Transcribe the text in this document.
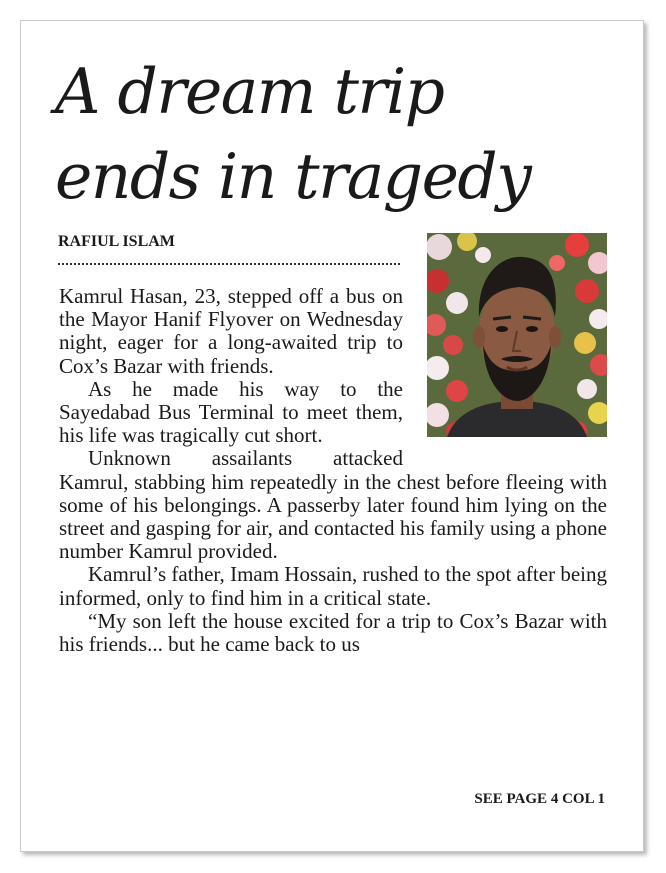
A dream trip
ends in tragedy
RAFIUL ISLAM

Kamrul Hasan, 23, stepped off a bus on the Mayor Hanif Flyover on Wednesday night, eager for a long-awaited trip to Cox’s Bazar with friends.

As he made his way to the Sayedabad Bus Terminal to meet them, his life was tragically cut short.

Unknown assailants attacked Kamrul, stabbing him repeatedly in the chest before fleeing with some of his belongings. A passerby later found him lying on the street and gasping for air, and contacted his family using a phone number Kamrul provided.

Kamrul’s father, Imam Hossain, rushed to the spot after being informed, only to find him in a critical state.

“My son left the house excited for a trip to Cox’s Bazar with his friends... but he came back to us

SEE PAGE 4 COL 1
